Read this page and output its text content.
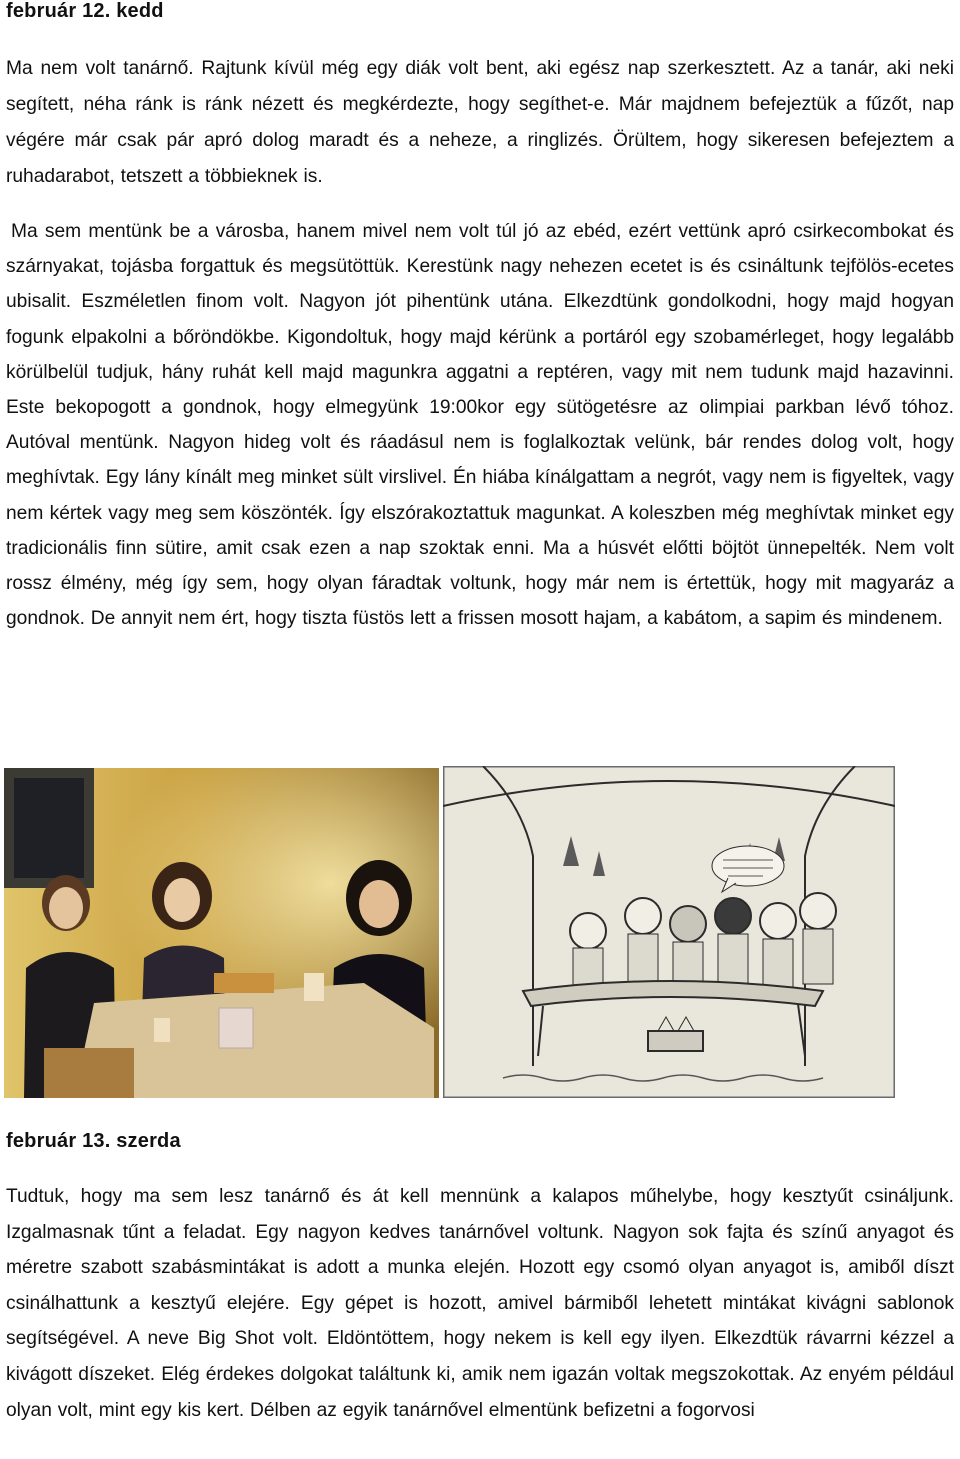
február 12. kedd
Ma nem volt tanárnő. Rajtunk kívül még egy diák volt bent, aki egész nap szerkesztett. Az a tanár, aki neki segített, néha ránk is ránk nézett és megkérdezte, hogy segíthet-e. Már majdnem befejeztük a fűzőt, nap végére már csak pár apró dolog maradt és a neheze, a ringlizés. Örültem, hogy sikeresen befejeztem a ruhadarabot, tetszett a többieknek is.
Ma sem mentünk be a városba, hanem mivel nem volt túl jó az ebéd, ezért vettünk apró csirkecombokat és szárnyakat, tojásba forgattuk és megsütöttük. Kerestünk nagy nehezen ecetet is és csináltunk tejfölös-ecetes ubisalit. Eszméletlen finom volt. Nagyon jót pihentünk utána. Elkezdtünk gondolkodni, hogy majd hogyan fogunk elpakolni a bőröndökbe. Kigondoltuk, hogy majd kérünk a portáról egy szobamérleget, hogy legalább körülbelül tudjuk, hány ruhát kell majd magunkra aggatni a reptéren, vagy mit nem tudunk majd hazavinni. Este bekopogott a gondnok, hogy elmegyünk 19:00kor egy sütögetésre az olimpiai parkban lévő tóhoz. Autóval mentünk. Nagyon hideg volt és ráadásul nem is foglalkoztak velünk, bár rendes dolog volt, hogy meghívtak. Egy lány kínált meg minket sült virslivel. Én hiába kínálgattam a negrót, vagy nem is figyeltek, vagy nem kértek vagy meg sem köszönték. Így elszórakoztattuk magunkat. A koleszben még meghívtak minket egy tradicionális finn sütire, amit csak ezen a nap szoktak enni. Ma a húsvét előtti böjtöt ünnepelték. Nem volt rossz élmény, még így sem, hogy olyan fáradtak voltunk, hogy már nem is értettük, hogy mit magyaráz a gondnok. De annyit nem ért, hogy tiszta füstös lett a frissen mosott hajam, a kabátom, a sapim és mindenem.
február 13. szerda
Tudtuk, hogy ma sem lesz tanárnő és át kell mennünk a kalapos műhelybe, hogy kesztyűt csináljunk. Izgalmasnak tűnt a feladat. Egy nagyon kedves tanárnővel voltunk. Nagyon sok fajta és színű anyagot és méretre szabott szabásmintákat is adott a munka elején. Hozott egy csomó olyan anyagot is, amiből díszt csinálhattunk a kesztyű elejére. Egy gépet is hozott, amivel bármiből lehetett mintákat kivágni sablonok segítségével. A neve Big Shot volt. Eldöntöttem, hogy nekem is kell egy ilyen. Elkezdtük rávarrni kézzel a kivágott díszeket. Elég érdekes dolgokat találtunk ki, amik nem igazán voltak megszokottak. Az enyém például olyan volt, mint egy kis kert. Délben az egyik tanárnővel elmentünk befizetni a fogorvosi
